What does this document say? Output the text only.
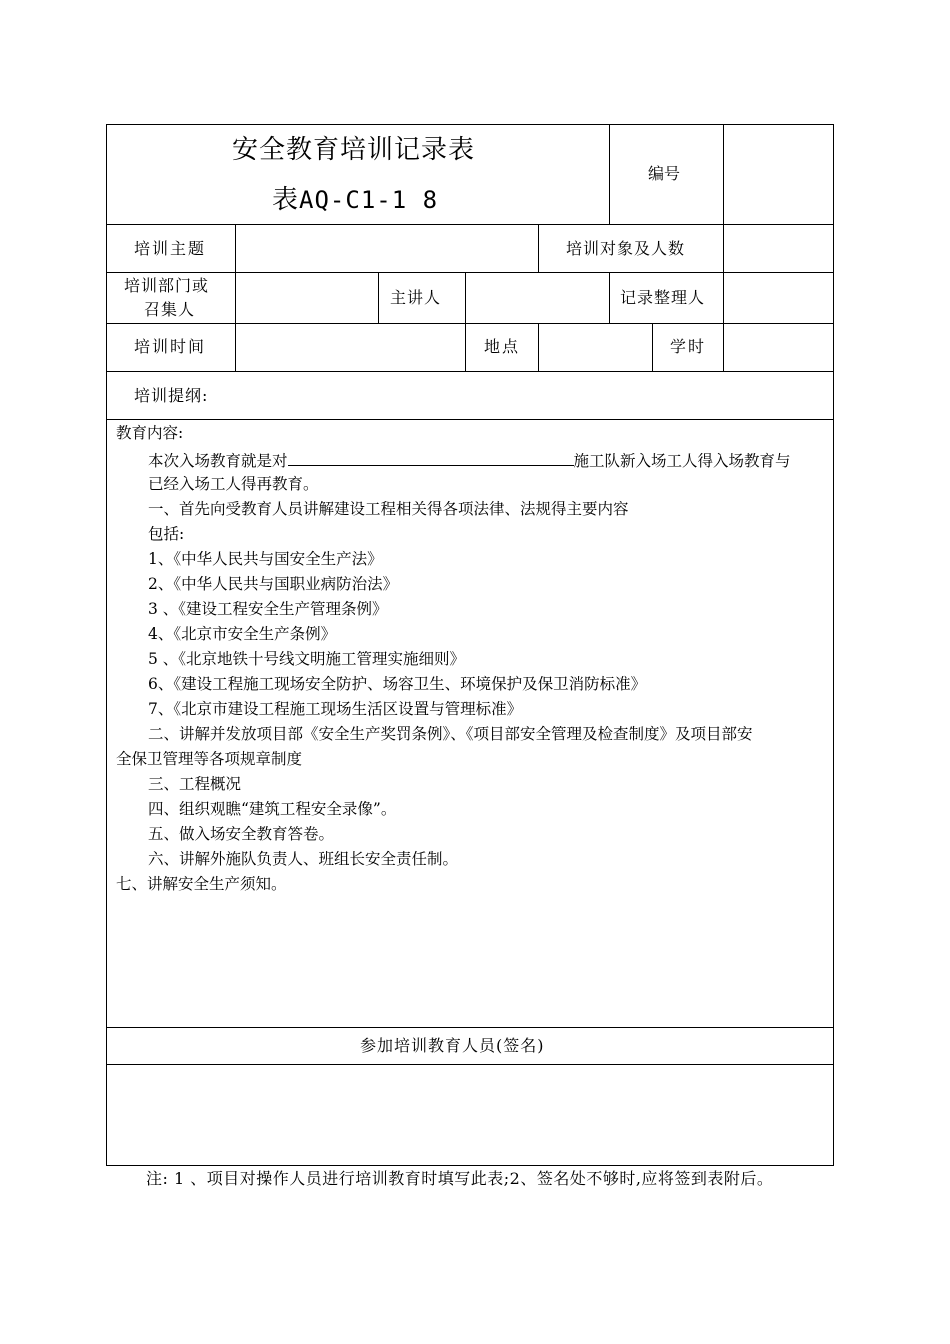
安全教育培训记录表
表AQ-C1-1 8
编号
培训主题	培训对象及人数
培训部门或
召集人
主讲人	记录整理人
培训时间	地点	学时
培训提纲:
教育内容:
本次入场教育就是对	施工队新入场工人得入场教育与
已经入场工人得再教育。
一、首先向受教育人员讲解建设工程相关得各项法律、法规得主要内容
包括:
1、《中华人民共与国安全生产法》
2、《中华人民共与国职业病防治法》
3 、《建设工程安全生产管理条例》
4、《北京市安全生产条例》
5 、《北京地铁十号线文明施工管理实施细则》
6、《建设工程施工现场安全防护、场容卫生、环境保护及保卫消防标准》
7、《北京市建设工程施工现场生活区设置与管理标准》
二、讲解并发放项目部《安全生产奖罚条例》、《项目部安全管理及检查制度》及项目部安
全保卫管理等各项规章制度
三、工程概况
四、组织观瞧“建筑工程安全录像”。
五、做入场安全教育答卷。
六、讲解外施队负责人、班组长安全责任制。
七、讲解安全生产须知。
参加培训教育人员(签名)
注: 1 、项目对操作人员进行培训教育时填写此表;2、签名处不够时,应将签到表附后。
